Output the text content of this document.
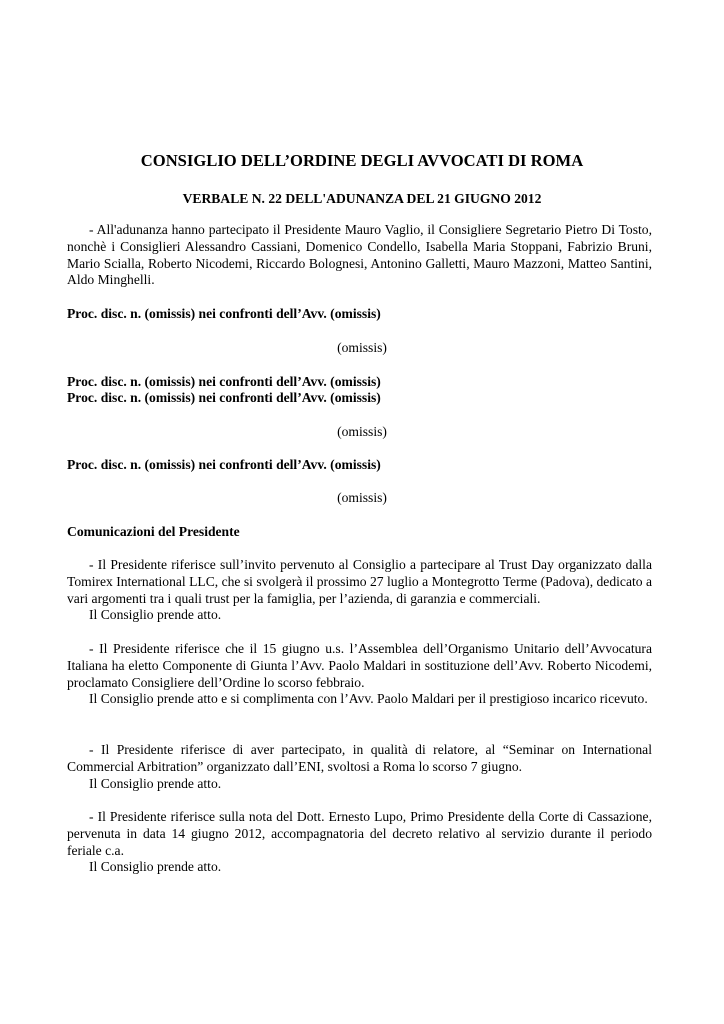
CONSIGLIO DELL’ORDINE DEGLI AVVOCATI DI ROMA
VERBALE N. 22 DELL'ADUNANZA DEL 21 GIUGNO 2012

- All'adunanza hanno partecipato il Presidente Mauro Vaglio, il Consigliere Segretario Pietro Di Tosto, nonchè i Consiglieri Alessandro Cassiani, Domenico Condello, Isabella Maria Stoppani, Fabrizio Bruni, Mario Scialla, Roberto Nicodemi, Riccardo Bolognesi, Antonino Galletti, Mauro Mazzoni, Matteo Santini, Aldo Minghelli.

Proc. disc. n. (omissis) nei confronti dell’Avv. (omissis)
(omissis)
Proc. disc. n. (omissis) nei confronti dell’Avv. (omissis)
Proc. disc. n. (omissis) nei confronti dell’Avv. (omissis)
(omissis)
Proc. disc. n. (omissis) nei confronti dell’Avv. (omissis)
(omissis)
Comunicazioni del Presidente

- Il Presidente riferisce sull’invito pervenuto al Consiglio a partecipare al Trust Day organizzato dalla Tomirex International LLC, che si svolgerà il prossimo 27 luglio a Montegrotto Terme (Padova), dedicato a vari argomenti tra i quali trust per la famiglia, per l’azienda, di garanzia e commerciali.

Il Consiglio prende atto.

- Il Presidente riferisce che il 15 giugno u.s. l’Assemblea dell’Organismo Unitario dell’Avvocatura Italiana ha eletto Componente di Giunta l’Avv. Paolo Maldari in sostituzione dell’Avv. Roberto Nicodemi, proclamato Consigliere dell’Ordine lo scorso febbraio.

Il Consiglio prende atto e si complimenta con l’Avv. Paolo Maldari per il prestigioso incarico ricevuto.

- Il Presidente riferisce di aver partecipato, in qualità di relatore, al “Seminar on International Commercial Arbitration” organizzato dall’ENI, svoltosi a Roma lo scorso 7 giugno.

Il Consiglio prende atto.

- Il Presidente riferisce sulla nota del Dott. Ernesto Lupo, Primo Presidente della Corte di Cassazione, pervenuta in data 14 giugno 2012, accompagnatoria del decreto relativo al servizio durante il periodo feriale c.a.

Il Consiglio prende atto.
